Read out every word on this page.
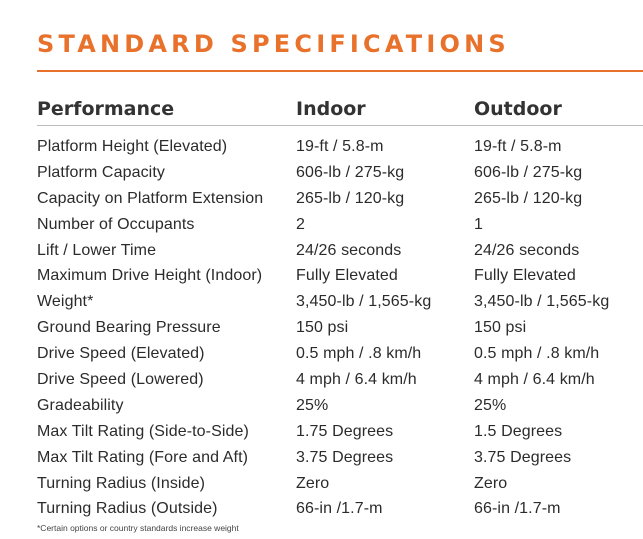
STANDARD SPECIFICATIONS
Performance	Indoor	Outdoor
Platform Height (Elevated)	19-ft / 5.8-m	19-ft / 5.8-m
Platform Capacity	606-lb / 275-kg	606-lb / 275-kg
Capacity on Platform Extension 265-lb / 120-kg	265-lb / 120-kg
Number of Occupants	2	1
Lift / Lower Time	24/26 seconds	24/26 seconds
Maximum Drive Height (Indoor) Fully Elevated	Fully Elevated
Weight*	3,450-lb / 1,565-kg	3,450-lb / 1,565-kg
Ground Bearing Pressure	150 psi	150 psi
Drive Speed (Elevated)	0.5 mph / .8 km/h	0.5 mph / .8 km/h
Drive Speed (Lowered)	4 mph / 6.4 km/h	4 mph / 6.4 km/h
Gradeability	25%	25%
Max Tilt Rating (Side-to-Side)	1.75 Degrees	1.5 Degrees
Max Tilt Rating (Fore and Aft)	3.75 Degrees	3.75 Degrees
Turning Radius (Inside)	Zero	Zero
Turning Radius (Outside)	66-in /1.7-m	66-in /1.7-m
*Certain options or country standards increase weight
